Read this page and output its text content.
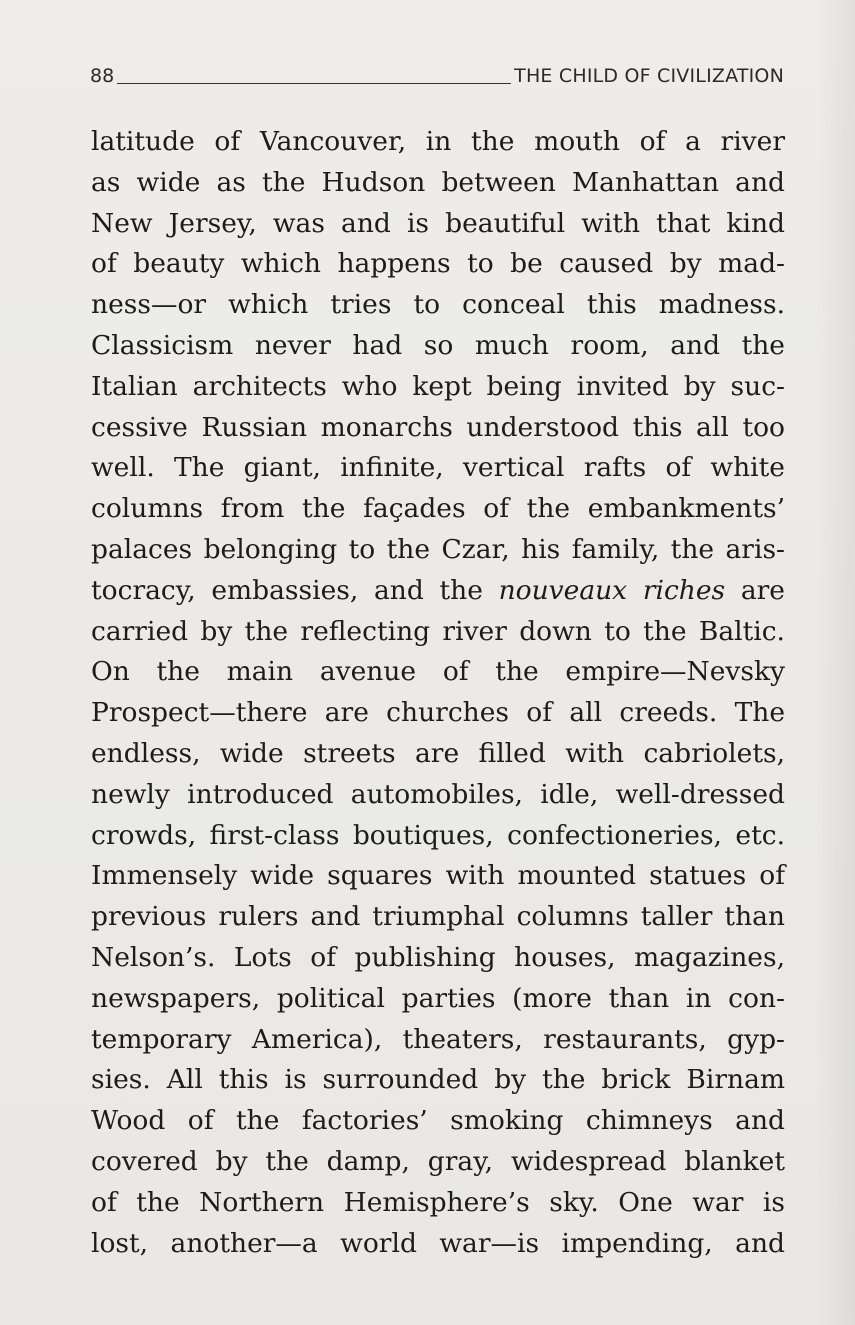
88	THE CHILD OF CIVILIZATION
latitude of Vancouver, in the mouth of a river
as wide as the Hudson between Manhattan and
New Jersey, was and is beautiful with that kind
of beauty which happens to be caused by mad-
ness—or which tries to conceal this madness.
Classicism never had so much room, and the
Italian architects who kept being invited by suc-
cessive Russian monarchs understood this all too
well. The giant, infinite, vertical rafts of white
columns from the façades of the embankments’
palaces belonging to the Czar, his family, the aris-
tocracy, embassies, and the nouveaux riches are
carried by the reflecting river down to the Baltic.
On the main avenue of the empire—Nevsky
Prospect—there are churches of all creeds. The
endless, wide streets are filled with cabriolets,
newly introduced automobiles, idle, well-dressed
crowds, first-class boutiques, confectioneries, etc.
Immensely wide squares with mounted statues of
previous rulers and triumphal columns taller than
Nelson’s. Lots of publishing houses, magazines,
newspapers, political parties (more than in con-
temporary America), theaters, restaurants, gyp-
sies. All this is surrounded by the brick Birnam
Wood of the factories’ smoking chimneys and
covered by the damp, gray, widespread blanket
of the Northern Hemisphere’s sky. One war is
lost, another—a world war—is impending, and
